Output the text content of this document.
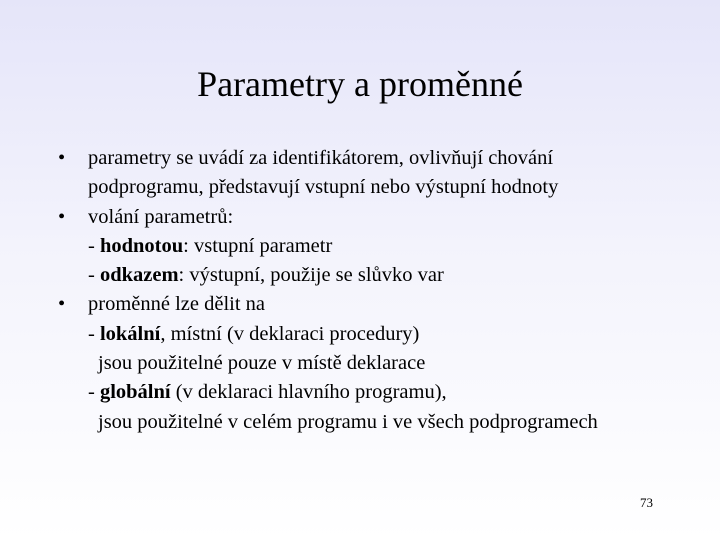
Parametry a proměnné
•	parametry se uvádí za identifikátorem, ovlivňují chování
podprogramu, představují vstupní nebo výstupní hodnoty
•	volání parametrů:
- hodnotou: vstupní parametr
- odkazem: výstupní, použije se slůvko var
•	proměnné lze dělit na
- lokální, místní (v deklaraci procedury)
jsou použitelné pouze v místě deklarace
- globální (v deklaraci hlavního programu),
jsou použitelné v celém programu i ve všech podprogramech
73
